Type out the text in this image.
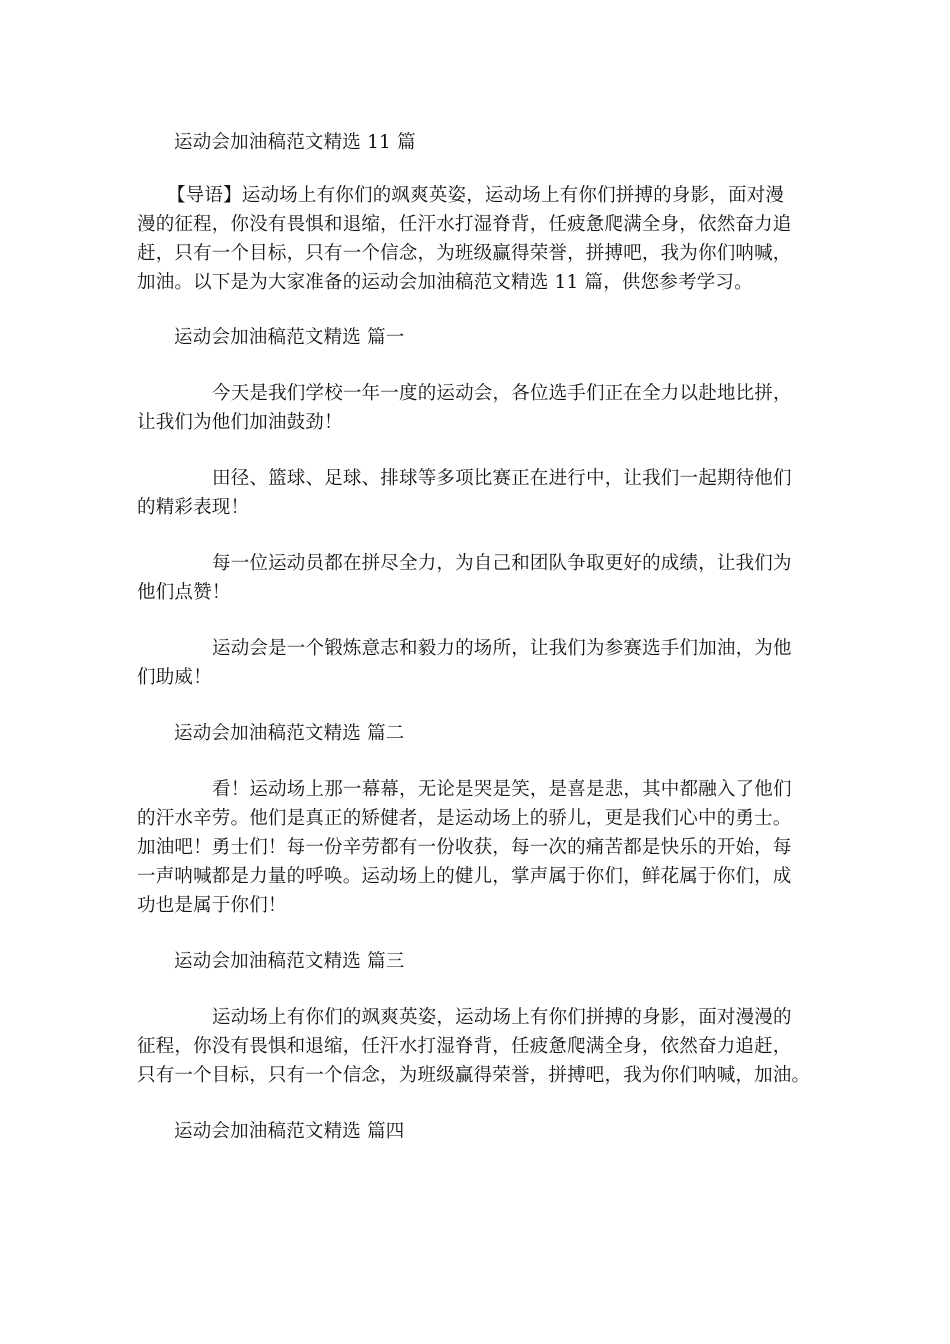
运动会加油稿范文精选 11 篇
【导语】运动场上有你们的飒爽英姿，运动场上有你们拼搏的身影，面对漫
漫的征程，你没有畏惧和退缩，任汗水打湿脊背，任疲惫爬满全身，依然奋力追
赶，只有一个目标，只有一个信念，为班级赢得荣誉，拼搏吧，我为你们呐喊，
加油。以下是为大家准备的运动会加油稿范文精选 11 篇，供您参考学习。
运动会加油稿范文精选 篇一
今天是我们学校一年一度的运动会，各位选手们正在全力以赴地比拼，
让我们为他们加油鼓劲！
田径、篮球、足球、排球等多项比赛正在进行中，让我们一起期待他们
的精彩表现！
每一位运动员都在拼尽全力，为自己和团队争取更好的成绩，让我们为
他们点赞！
运动会是一个锻炼意志和毅力的场所，让我们为参赛选手们加油，为他
们助威！
运动会加油稿范文精选 篇二
看！运动场上那一幕幕，无论是哭是笑，是喜是悲，其中都融入了他们
的汗水辛劳。他们是真正的矫健者，是运动场上的骄儿，更是我们心中的勇士。
加油吧！勇士们！每一份辛劳都有一份收获，每一次的痛苦都是快乐的开始，每
一声呐喊都是力量的呼唤。运动场上的健儿，掌声属于你们，鲜花属于你们，成
功也是属于你们！
运动会加油稿范文精选 篇三
运动场上有你们的飒爽英姿，运动场上有你们拼搏的身影，面对漫漫的
征程，你没有畏惧和退缩，任汗水打湿脊背，任疲惫爬满全身，依然奋力追赶，
只有一个目标，只有一个信念，为班级赢得荣誉，拼搏吧，我为你们呐喊，加油。
运动会加油稿范文精选 篇四
